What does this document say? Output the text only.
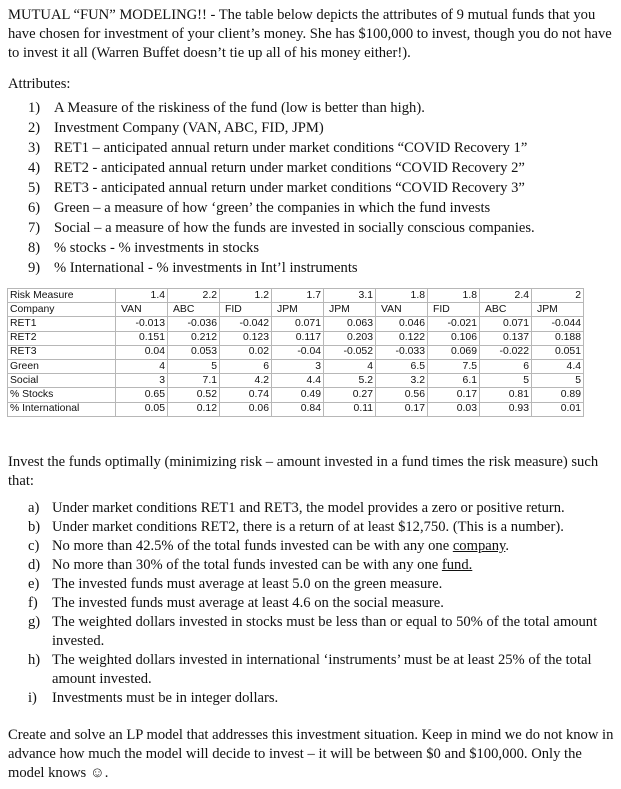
MUTUAL “FUN” MODELING!! - The table below depicts the attributes of 9 mutual funds that you have chosen for investment of your client’s money. She has $100,000 to invest, though you do not have to invest it all (Warren Buffet doesn’t tie up all of his money either!).
Attributes:
1) A Measure of the riskiness of the fund (low is better than high).
2) Investment Company (VAN, ABC, FID, JPM)
3) RET1 – anticipated annual return under market conditions “COVID Recovery 1”
4) RET2 - anticipated annual return under market conditions “COVID Recovery 2”
5) RET3 - anticipated annual return under market conditions “COVID Recovery 3”
6) Green – a measure of how ‘green’ the companies in which the fund invests
7) Social – a measure of how the funds are invested in socially conscious companies.
8) % stocks - % investments in stocks
9) % International - % investments in Int’l instruments
Risk Measure	1.4	2.2	1.2	1.7	3.1	1.8	1.8	2.4	2
Company	VAN	ABC	FID	JPM	JPM	VAN	FID	ABC	JPM
RET1	-0.013	-0.036	-0.042	0.071	0.063	0.046	-0.021	0.071	-0.044
RET2	0.151	0.212	0.123	0.117	0.203	0.122	0.106	0.137	0.188
RET3	0.04	0.053	0.02	-0.04	-0.052	-0.033	0.069	-0.022	0.051
Green	4	5	6	3	4	6.5	7.5	6	4.4
Social	3	7.1	4.2	4.4	5.2	3.2	6.1	5	5
% Stocks	0.65	0.52	0.74	0.49	0.27	0.56	0.17	0.81	0.89
% International	0.05	0.12	0.06	0.84	0.11	0.17	0.03	0.93	0.01
Invest the funds optimally (minimizing risk – amount invested in a fund times the risk measure) such that:
a) Under market conditions RET1 and RET3, the model provides a zero or positive return.
b) Under market conditions RET2, there is a return of at least $12,750. (This is a number).
c) No more than 42.5% of the total funds invested can be with any one company.
d) No more than 30% of the total funds invested can be with any one fund.
e) The invested funds must average at least 5.0 on the green measure.
f) The invested funds must average at least 4.6 on the social measure.
g) The weighted dollars invested in stocks must be less than or equal to 50% of the total amount invested.
h) The weighted dollars invested in international ‘instruments’ must be at least 25% of the total amount invested.
i)	Investments must be in integer dollars.
Create and solve an LP model that addresses this investment situation. Keep in mind we do not know in advance how much the model will decide to invest – it will be between $0 and $100,000. Only the model knows ☺.
